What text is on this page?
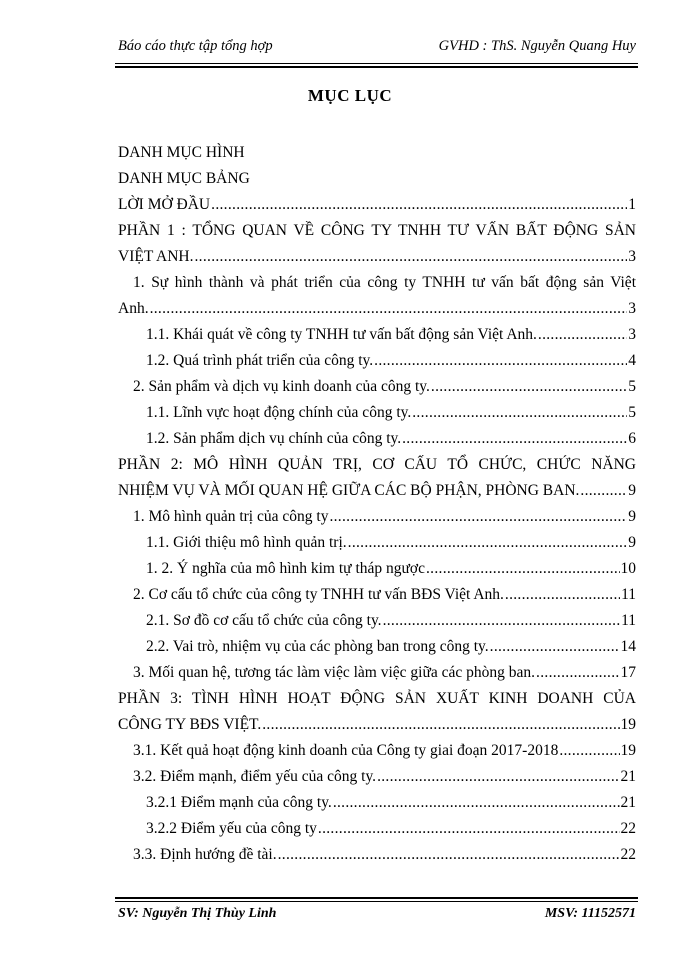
Báo cáo thực tập tổng hợp	GVHD : ThS. Nguyễn Quang Huy
MỤC LỤC
DANH MỤC HÌNH
DANH MỤC BẢNG
LỜI MỞ ĐẦU .....	1
PHẦN 1 : TỔNG QUAN VỀ CÔNG TY TNHH TƯ VẤN BẤT ĐỘNG SẢN
VIỆT ANH. .....	3
1. Sự hình thành và phát triển của công ty TNHH tư vấn bất động sản Việt
Anh. .....	3
1.1. Khái quát về công ty TNHH tư vấn bất động sản Việt Anh. .....	3
1.2. Quá trình phát triển của công ty. .....	4
2. Sản phẩm và dịch vụ kinh doanh của công ty. .....	5
1.1. Lĩnh vực hoạt động chính của công ty. .....	5
1.2. Sản phẩm dịch vụ chính của công ty. .....	6
PHẦN 2: MÔ HÌNH QUẢN TRỊ, CƠ CẤU TỔ CHỨC, CHỨC NĂNG
NHIỆM VỤ VÀ MỐI QUAN HỆ GIỮA CÁC BỘ PHẬN, PHÒNG BAN. .....	9
1. Mô hình quản trị của công ty .....	9
1.1. Giới thiệu mô hình quản trị. .....	9
1. 2. Ý nghĩa của mô hình kim tự tháp ngược .....	10
2. Cơ cấu tổ chức của công ty TNHH tư vấn BĐS Việt Anh. .....	11
2.1. Sơ đồ cơ cấu tổ chức của công ty. .....	11
2.2. Vai trò, nhiệm vụ của các phòng ban trong công ty. .....	14
3. Mối quan hệ, tương tác làm việc làm việc giữa các phòng ban. .....	17
PHẦN 3: TÌNH HÌNH HOẠT ĐỘNG SẢN XUẤT KINH DOANH CỦA
CÔNG TY BĐS VIỆT. .....	19
3.1. Kết quả hoạt động kinh doanh của Công ty giai đoạn 2017-2018 .....	19
3.2. Điểm mạnh, điểm yếu của công ty. .....	21
3.2.1 Điểm mạnh của công ty. .....	21
3.2.2 Điểm yếu của công ty .....	22
3.3. Định hướng đề tài. .....	22
SV: Nguyễn Thị Thùy Linh	MSV: 11152571
